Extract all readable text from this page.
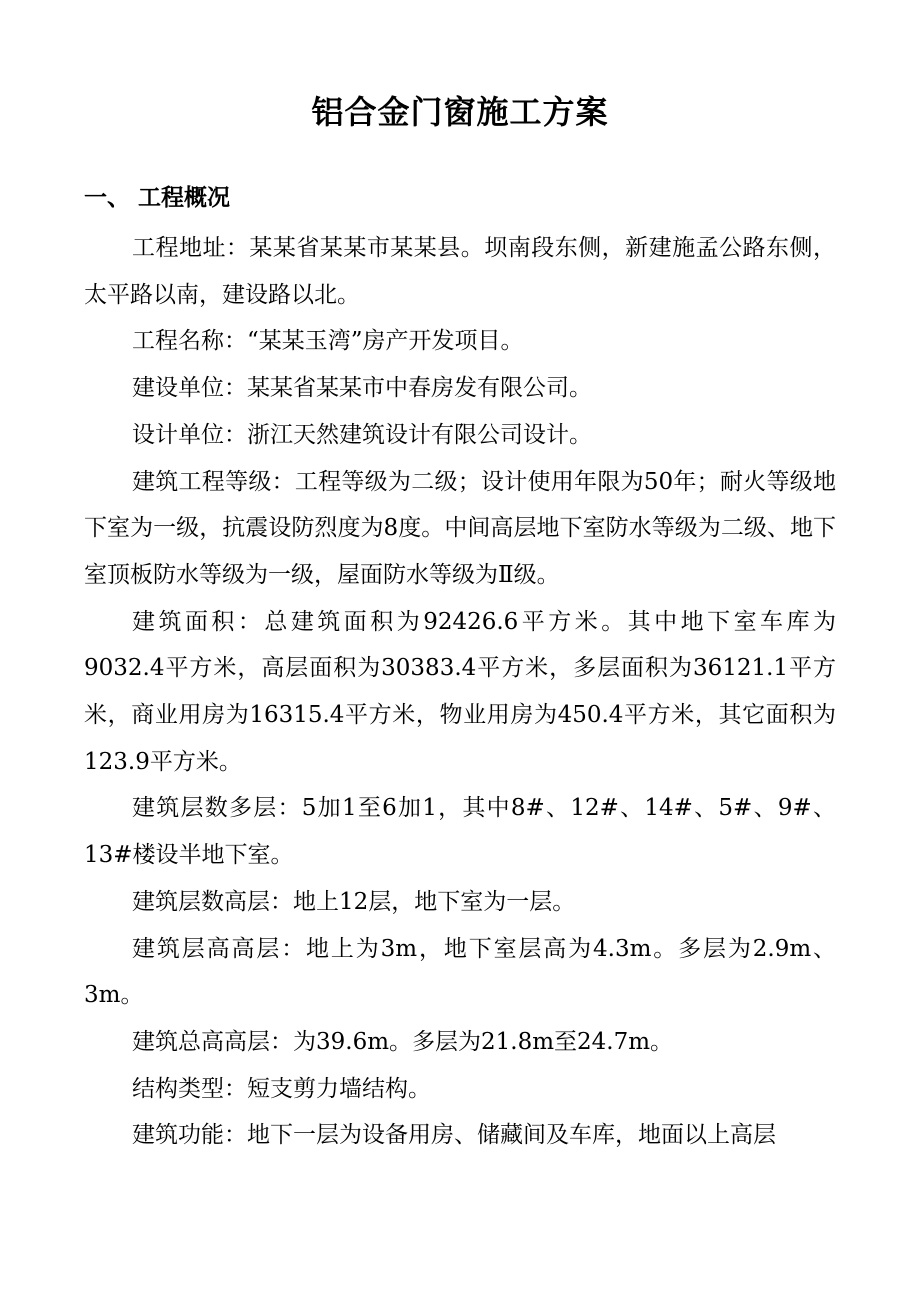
铝合金门窗施工方案
一、 工程概况

工程地址：某某省某某市某某县。坝南段东侧，新建施孟公路东侧，太平路以南，建设路以北。

工程名称：“某某玉湾”房产开发项目。

建设单位：某某省某某市中春房发有限公司。

设计单位：浙江天然建筑设计有限公司设计。

建筑工程等级：工程等级为二级；设计使用年限为50年；耐火等级地下室为一级，抗震设防烈度为8度。中间高层地下室防水等级为二级、地下室顶板防水等级为一级，屋面防水等级为Ⅱ级。

建筑面积：总建筑面积为92426.6平方米。其中地下室车库为9032.4平方米，高层面积为30383.4平方米，多层面积为36121.1平方米，商业用房为16315.4平方米，物业用房为450.4平方米，其它面积为123.9平方米。

建筑层数多层：5加1至6加1，其中8#、12#、14#、5#、9#、13#楼设半地下室。

建筑层数高层：地上12层，地下室为一层。

建筑层高高层：地上为3m，地下室层高为4.3m。多层为2.9m、3m。

建筑总高高层：为39.6m。多层为21.8m至24.7m。

结构类型：短支剪力墙结构。

建筑功能：地下一层为设备用房、储藏间及车库，地面以上高层
